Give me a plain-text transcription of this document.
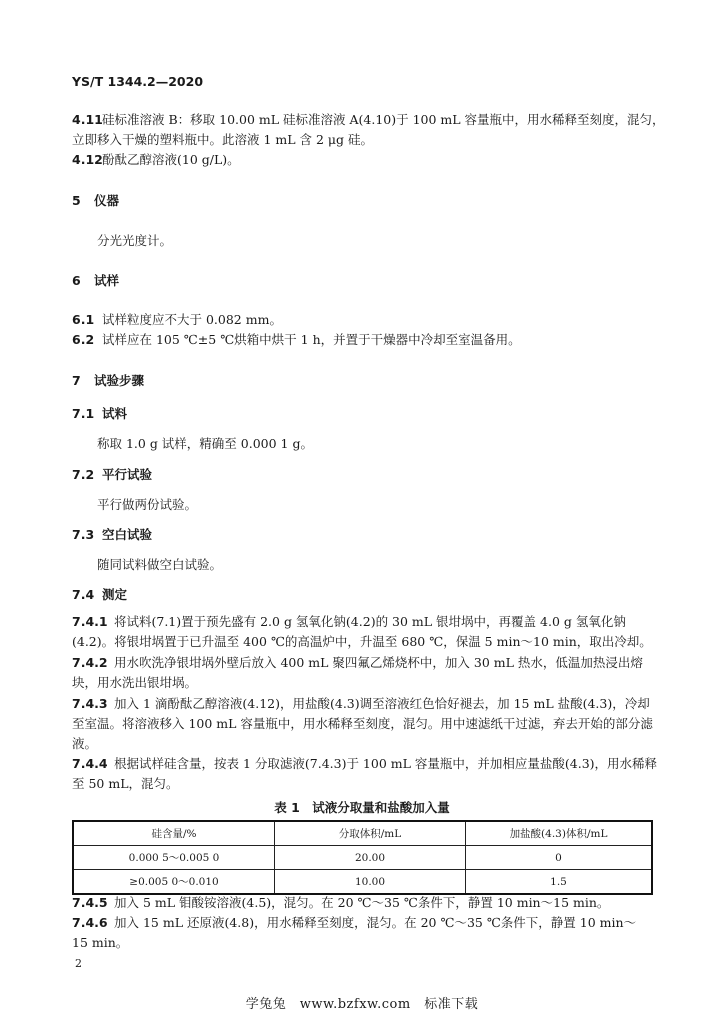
YS/T 1344.2—2020
4.11硅标准溶液 B：移取 10.00 mL 硅标准溶液 A(4.10)于 100 mL 容量瓶中，用水稀释至刻度，混匀，
立即移入干燥的塑料瓶中。此溶液 1 mL 含 2 μg 硅。
4.12酚酞乙醇溶液(10 g/L)。
5 仪器
分光光度计。
6 试样
6.1 试样粒度应不大于 0.082 mm。
6.2 试样应在 105 ℃±5 ℃烘箱中烘干 1 h，并置于干燥器中冷却至室温备用。
7 试验步骤
7.1 试料
称取 1.0 g 试样，精确至 0.000 1 g。
7.2 平行试验
平行做两份试验。
7.3 空白试验
随同试料做空白试验。
7.4 测定
7.4.1 将试料(7.1)置于预先盛有 2.0 g 氢氧化钠(4.2)的 30 mL 银坩埚中，再覆盖 4.0 g 氢氧化钠
(4.2)。将银坩埚置于已升温至 400 ℃的高温炉中，升温至 680 ℃，保温 5 min～10 min，取出冷却。
7.4.2 用水吹洗净银坩埚外壁后放入 400 mL 聚四氟乙烯烧杯中，加入 30 mL 热水，低温加热浸出熔
块，用水洗出银坩埚。
7.4.3 加入 1 滴酚酞乙醇溶液(4.12)，用盐酸(4.3)调至溶液红色恰好褪去，加 15 mL 盐酸(4.3)，冷却
至室温。将溶液移入 100 mL 容量瓶中，用水稀释至刻度，混匀。用中速滤纸干过滤，弃去开始的部分滤
液。
7.4.4 根据试样硅含量，按表 1 分取滤液(7.4.3)于 100 mL 容量瓶中，并加相应量盐酸(4.3)，用水稀释
至 50 mL，混匀。
表 1　试液分取量和盐酸加入量
硅含量/%	分取体积/mL	加盐酸(4.3)体积/mL
0.000 5～0.005 0	20.00	0
≥0.005 0～0.010	10.00	1.5
7.4.5 加入 5 mL 钼酸铵溶液(4.5)，混匀。在 20 ℃～35 ℃条件下，静置 10 min～15 min。
7.4.6 加入 15 mL 还原液(4.8)，用水稀释至刻度，混匀。在 20 ℃～35 ℃条件下，静置 10 min～
15 min。
2
学兔兔　www.bzfxw.com　标准下载
